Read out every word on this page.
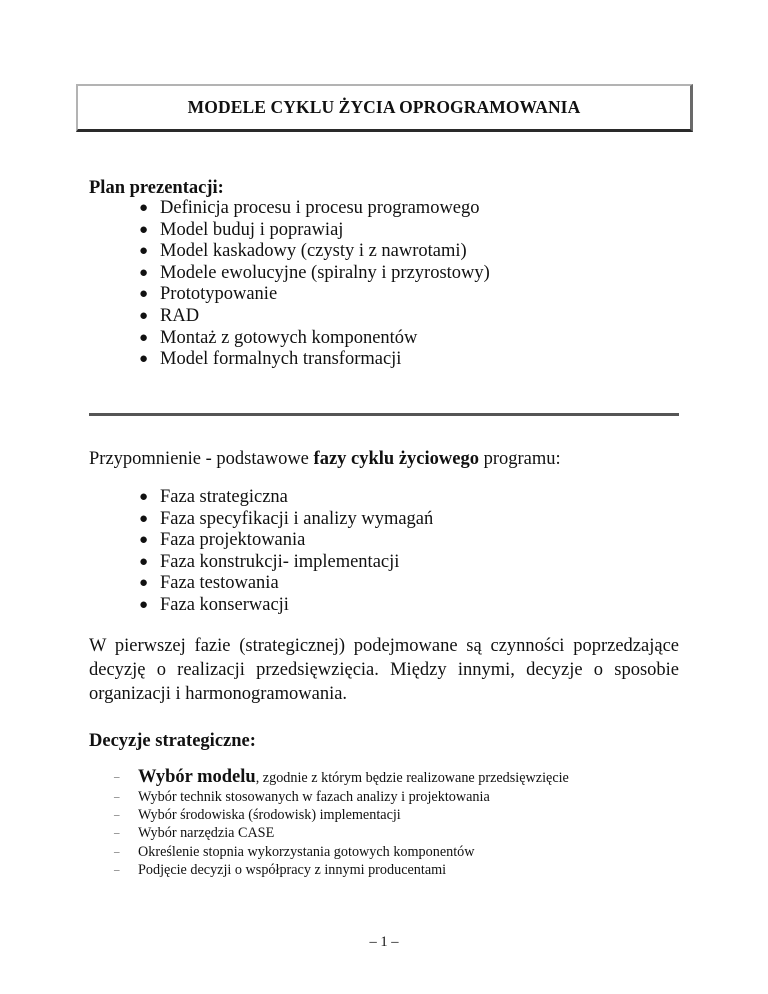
MODELE CYKLU ŻYCIA OPROGRAMOWANIA

Plan prezentacji:

● Definicja procesu i procesu programowego
● Model buduj i poprawiaj
● Model kaskadowy (czysty i z nawrotami)
● Modele ewolucyjne (spiralny i przyrostowy)
● Prototypowanie
● RAD
● Montaż z gotowych komponentów
● Model formalnych transformacji

Przypomnienie - podstawowe fazy cyklu życiowego programu:

● Faza strategiczna
● Faza specyfikacji i analizy wymagań
● Faza projektowania
● Faza konstrukcji- implementacji
● Faza testowania
● Faza konserwacji

W pierwszej fazie (strategicznej) podejmowane są czynności poprzedzające decyzję o realizacji przedsięwzięcia. Między innymi, decyzje o sposobie organizacji i harmonogramowania.

Decyzje strategiczne:

– Wybór modelu, zgodnie z którym będzie realizowane przedsięwzięcie
– Wybór technik stosowanych w fazach analizy i projektowania
– Wybór środowiska (środowisk) implementacji
– Wybór narzędzia CASE
– Określenie stopnia wykorzystania gotowych komponentów
– Podjęcie decyzji o współpracy z innymi producentami
– 1 –
